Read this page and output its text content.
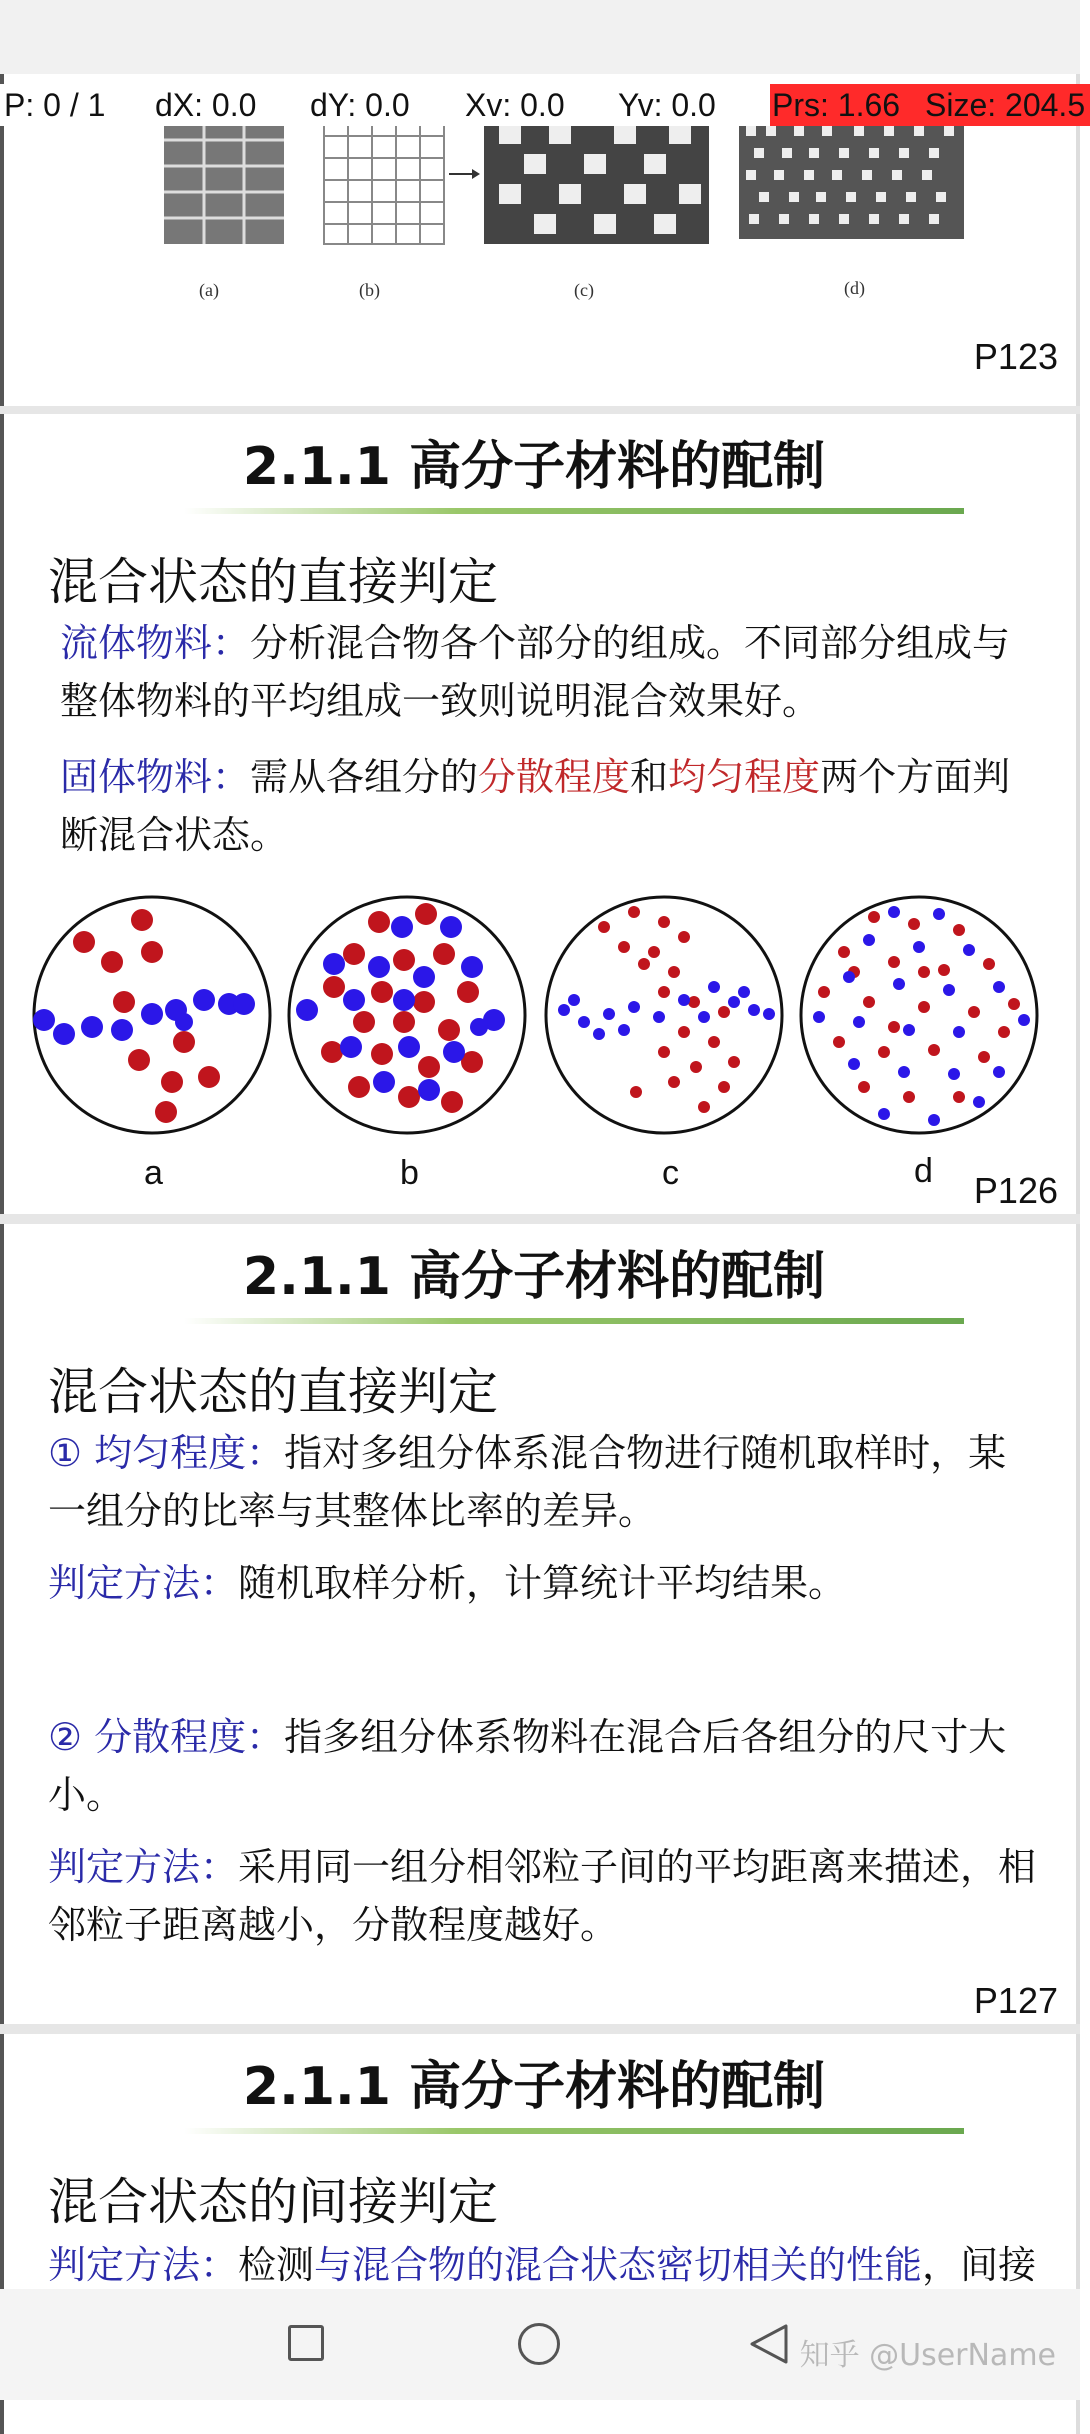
P: 0 / 1 dX: 0.0 dY: 0.0 Xv: 0.0 Yv: 0.0 Prs: 1.66 Size: 204.5
(a)	(b)	(c)	(d)
P123
2.1.1 高分子材料的配制
混合状态的直接判定
流体物料：分析混合物各个部分的组成。不同部分组成与整体物料的平均组成一致则说明混合效果好。
固体物料：需从各组分的分散程度和均匀程度两个方面判断混合状态。
a	b	c	d P126
2.1.1 高分子材料的配制
混合状态的直接判定
① 均匀程度：指对多组分体系混合物进行随机取样时，某一组分的比率与其整体比率的差异。
判定方法：随机取样分析，计算统计平均结果。
② 分散程度：指多组分体系物料在混合后各组分的尺寸大小。
判定方法：采用同一组分相邻粒子间的平均距离来描述，相邻粒子距离越小，分散程度越好。
P127
2.1.1 高分子材料的配制
混合状态的间接判定
判定方法：检测与混合物的混合状态密切相关的性能，间接
知乎 @UserName
